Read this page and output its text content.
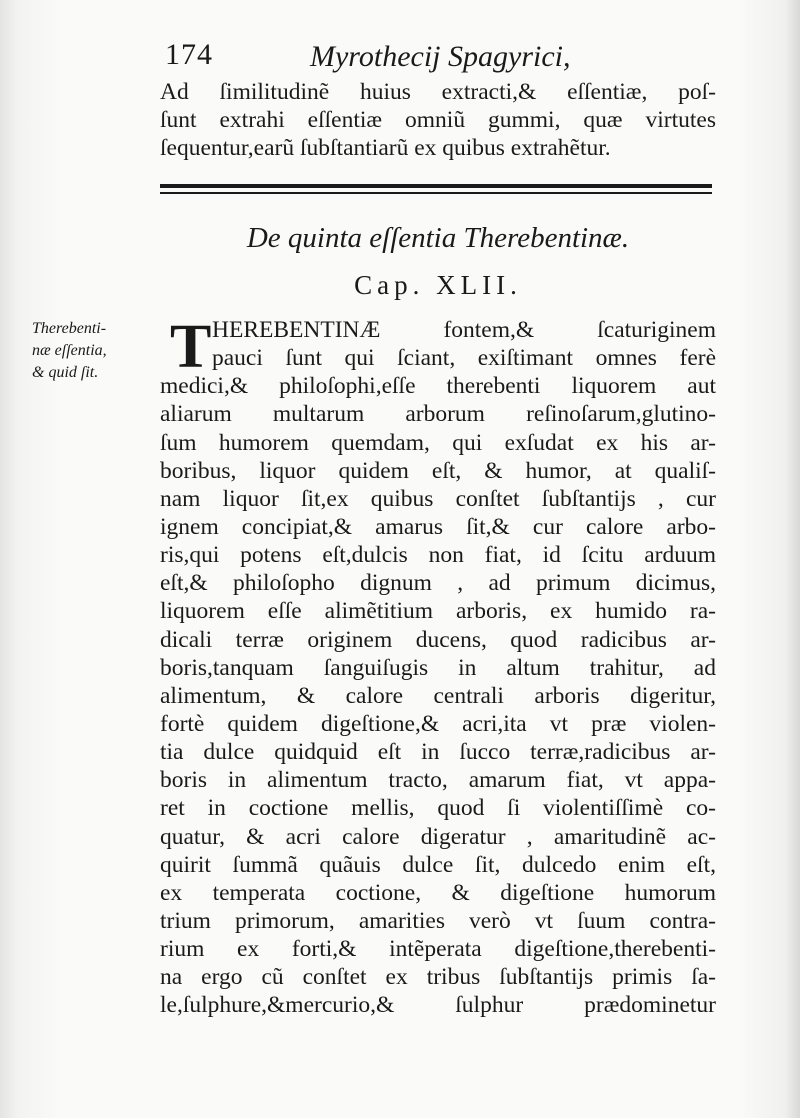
174	Myrothecij Spagyrici,
Ad ſimilitudinẽ huius extracti,& eſſentiæ, poſ-
ſunt extrahi eſſentiæ omniũ gummi, quæ virtutes
ſequentur,earũ ſubſtantiarũ ex quibus extrahẽtur.
De quinta eſſentia Therebentinæ.
Cap. XLII.
Therebenti-
næ eſſentia,
& quid ſit.	T HEREBENTINÆ fontem,& ſcaturiginem
pauci ſunt qui ſciant, exiſtimant omnes ferè
medici,& philoſophi,eſſe therebenti liquorem aut
aliarum multarum arborum reſinoſarum,glutino-
ſum humorem quemdam, qui exſudat ex his ar-
boribus, liquor quidem eſt, & humor, at qualiſ-
nam liquor ſit,ex quibus conſtet ſubſtantijs , cur
ignem concipiat,& amarus ſit,& cur calore arbo-
ris,qui potens eſt,dulcis non fiat, id ſcitu arduum
eſt,& philoſopho dignum , ad primum dicimus,
liquorem eſſe alimẽtitium arboris, ex humido ra-
dicali terræ originem ducens, quod radicibus ar-
boris,tanquam ſanguiſugis in altum trahitur, ad
alimentum, & calore centrali arboris digeritur,
fortè quidem digeſtione,& acri,ita vt præ violen-
tia dulce quidquid eſt in ſucco terræ,radicibus ar-
boris in alimentum tracto, amarum fiat, vt appa-
ret in coctione mellis, quod ſi violentiſſimè co-
quatur, & acri calore digeratur , amaritudinẽ ac-
quirit ſummã quãuis dulce ſit, dulcedo enim eſt,
ex temperata coctione, & digeſtione humorum
trium primorum, amarities verò vt ſuum contra-
rium ex forti,& intẽperata digeſtione,therebenti-
na ergo cũ conſtet ex tribus ſubſtantijs primis ſa-
le,ſulphure,&mercurio,& ſulphur prædominetur
